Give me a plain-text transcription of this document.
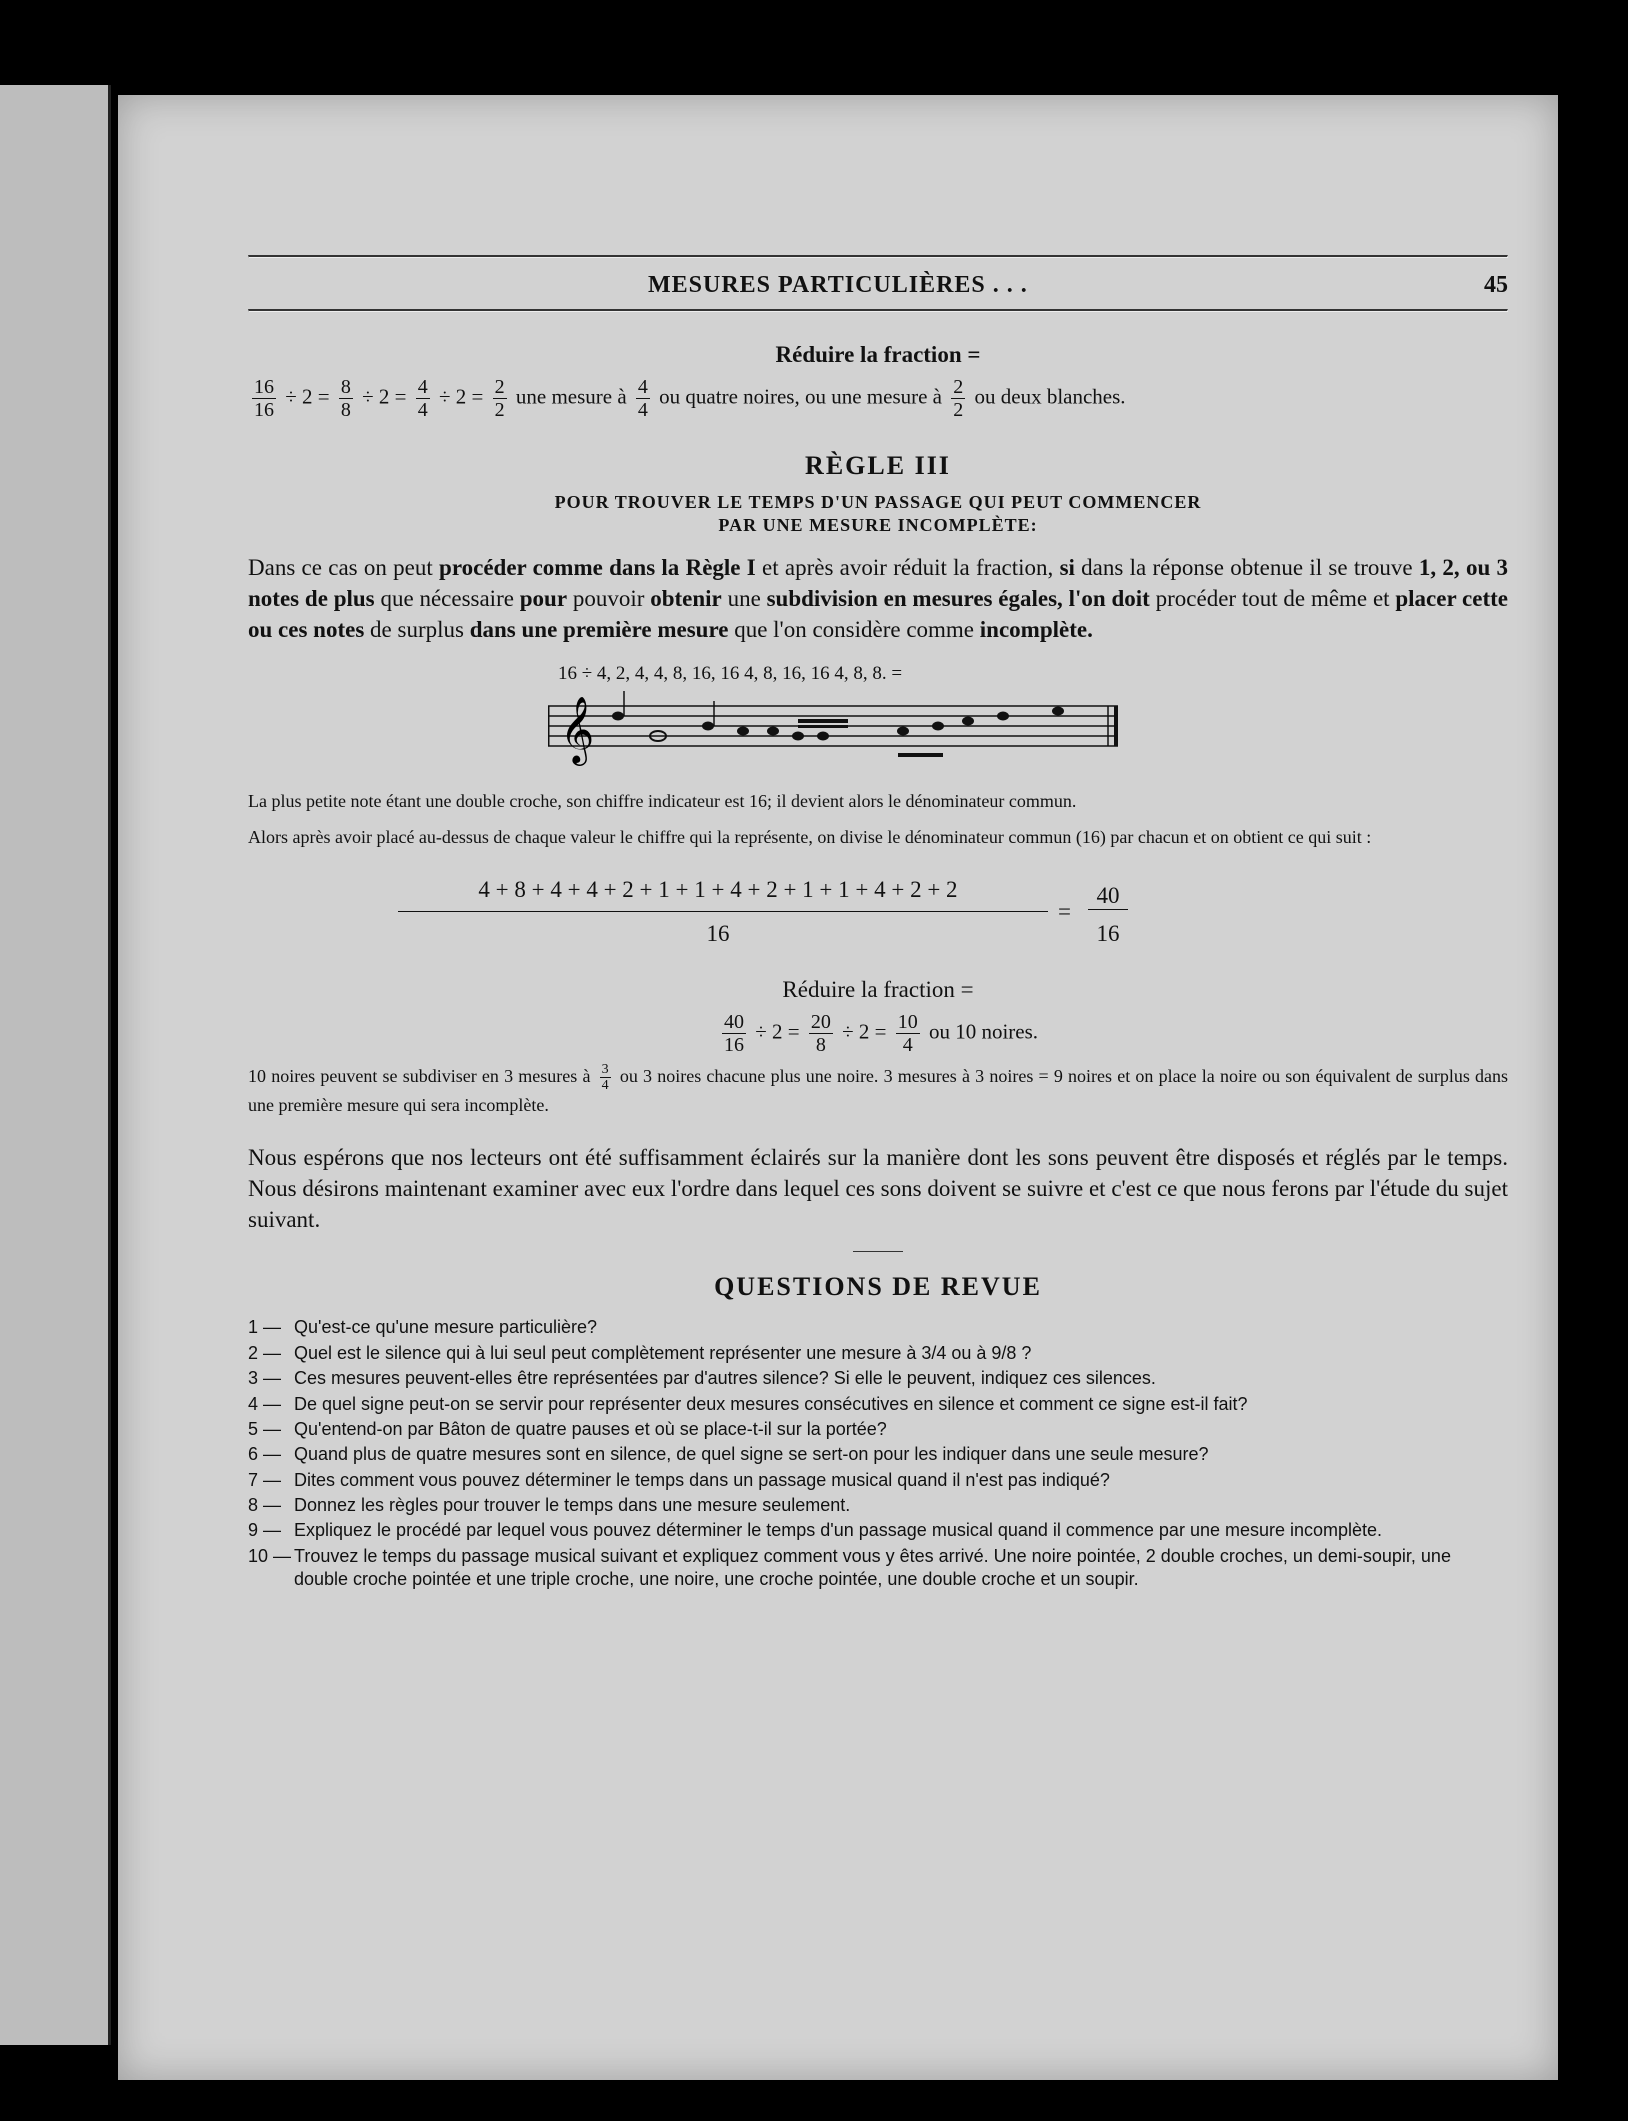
MESURES PARTICULIÈRES . . .	45
Réduire la fraction =
$\frac{16}{16} \div 2 = \frac{8}{8} \div 2 = \frac{4}{4} \div 2 = \frac{2}{2}$ une mesure à $\frac{4}{4}$ ou quatre noires, ou une mesure à $\frac{2}{2}$ ou deux blanches.
RÈGLE III
POUR TROUVER LE TEMPS D'UN PASSAGE QUI PEUT COMMENCER
PAR UNE MESURE INCOMPLÈTE:

Dans ce cas on peut procéder comme dans la Règle I et après avoir réduit la fraction, si dans la réponse obtenue il se trouve 1, 2, ou 3 notes de plus que nécessaire pour pouvoir obtenir une subdivision en mesures égales, l'on doit procéder tout de même et placer cette ou ces notes de surplus dans une première mesure que l'on considère comme incomplète.

16 ÷ 4, 2, 4, 4, 8, 16, 16 4, 8, 16, 16 4, 8, 8. =
𝄞

La plus petite note étant une double croche, son chiffre indicateur est 16; il devient alors le dénominateur commun.

Alors après avoir placé au-dessus de chaque valeur le chiffre qui la représente, on divise le dénominateur commun (16) par chacun et on obtient ce qui suit :

4 + 8 + 4 + 4 + 2 + 1 + 1 + 4 + 2 + 1 + 1 + 4 + 2 + 2
16
=
40
16
Réduire la fraction =
$\frac{40}{16} \div 2 = \frac{20}{8} \div 2 = \frac{10}{4}$ ou 10 noires.

10 noires peuvent se subdiviser en 3 mesures à $\frac{3}{4}$ ou 3 noires chacune plus une noire. 3 mesures à 3 noires = 9 noires et on place la noire ou son équivalent de surplus dans une première mesure qui sera incomplète.

Nous espérons que nos lecteurs ont été suffisamment éclairés sur la manière dont les sons peuvent être disposés et réglés par le temps. Nous désirons maintenant examiner avec eux l'ordre dans lequel ces sons doivent se suivre et c'est ce que nous ferons par l'étude du sujet suivant.

QUESTIONS DE REVUE
1 — Qu'est-ce qu'une mesure particulière?
2 — Quel est le silence qui à lui seul peut complètement représenter une mesure à 3/4 ou à 9/8 ?
3 — Ces mesures peuvent-elles être représentées par d'autres silence? Si elle le peuvent, indiquez ces silences.
4 — De quel signe peut-on se servir pour représenter deux mesures consécutives en silence et comment ce signe est-il fait?
5 — Qu'entend-on par Bâton de quatre pauses et où se place-t-il sur la portée?
6 — Quand plus de quatre mesures sont en silence, de quel signe se sert-on pour les indiquer dans une seule mesure?
7 — Dites comment vous pouvez déterminer le temps dans un passage musical quand il n'est pas indiqué?
8 — Donnez les règles pour trouver le temps dans une mesure seulement.
9 — Expliquez le procédé par lequel vous pouvez déterminer le temps d'un passage musical quand il commence par une mesure incomplète.
10 — Trouvez le temps du passage musical suivant et expliquez comment vous y êtes arrivé. Une noire pointée, 2 double croches, un demi-soupir, une double croche pointée et une triple croche, une noire, une croche pointée, une double croche et un soupir.
